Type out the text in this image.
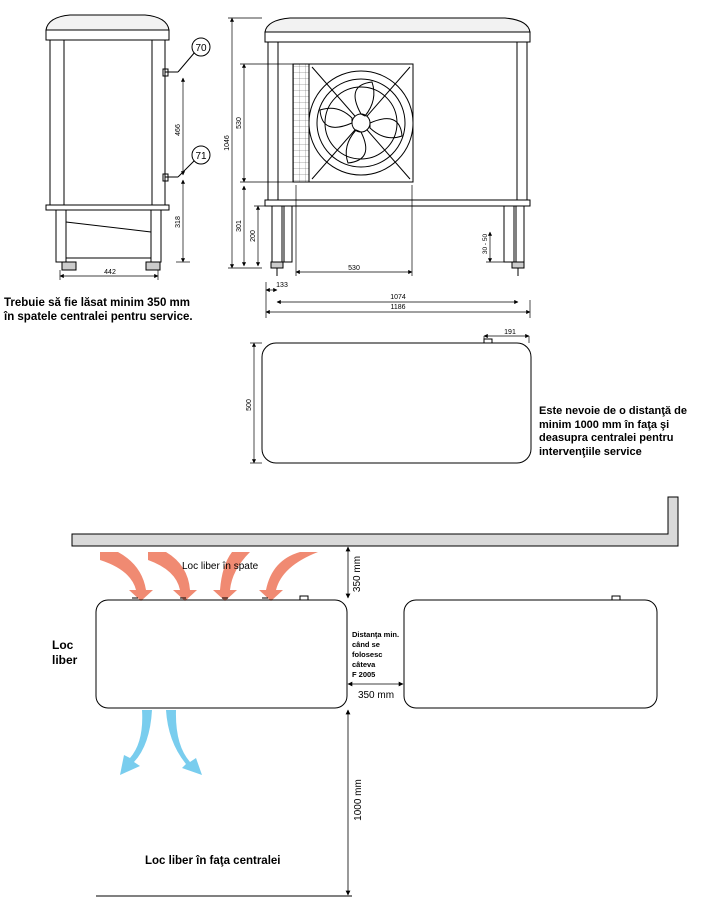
70
71
466
318
442
1046
530
301
200
530
30 - 50
133
1074
1186
191
500
Loc liber în spate	350 mm
350 mm
Distanţa min.
când se
folosesc
câteva
F 2005
1000 mm
Loc
liber
Loc liber în faţa centralei
Trebuie să fie lăsat minim 350 mm
în spatele centralei pentru service.
Este nevoie de o distanţă de
minim 1000 mm în faţa şi
deasupra centralei pentru
intervenţiile service
